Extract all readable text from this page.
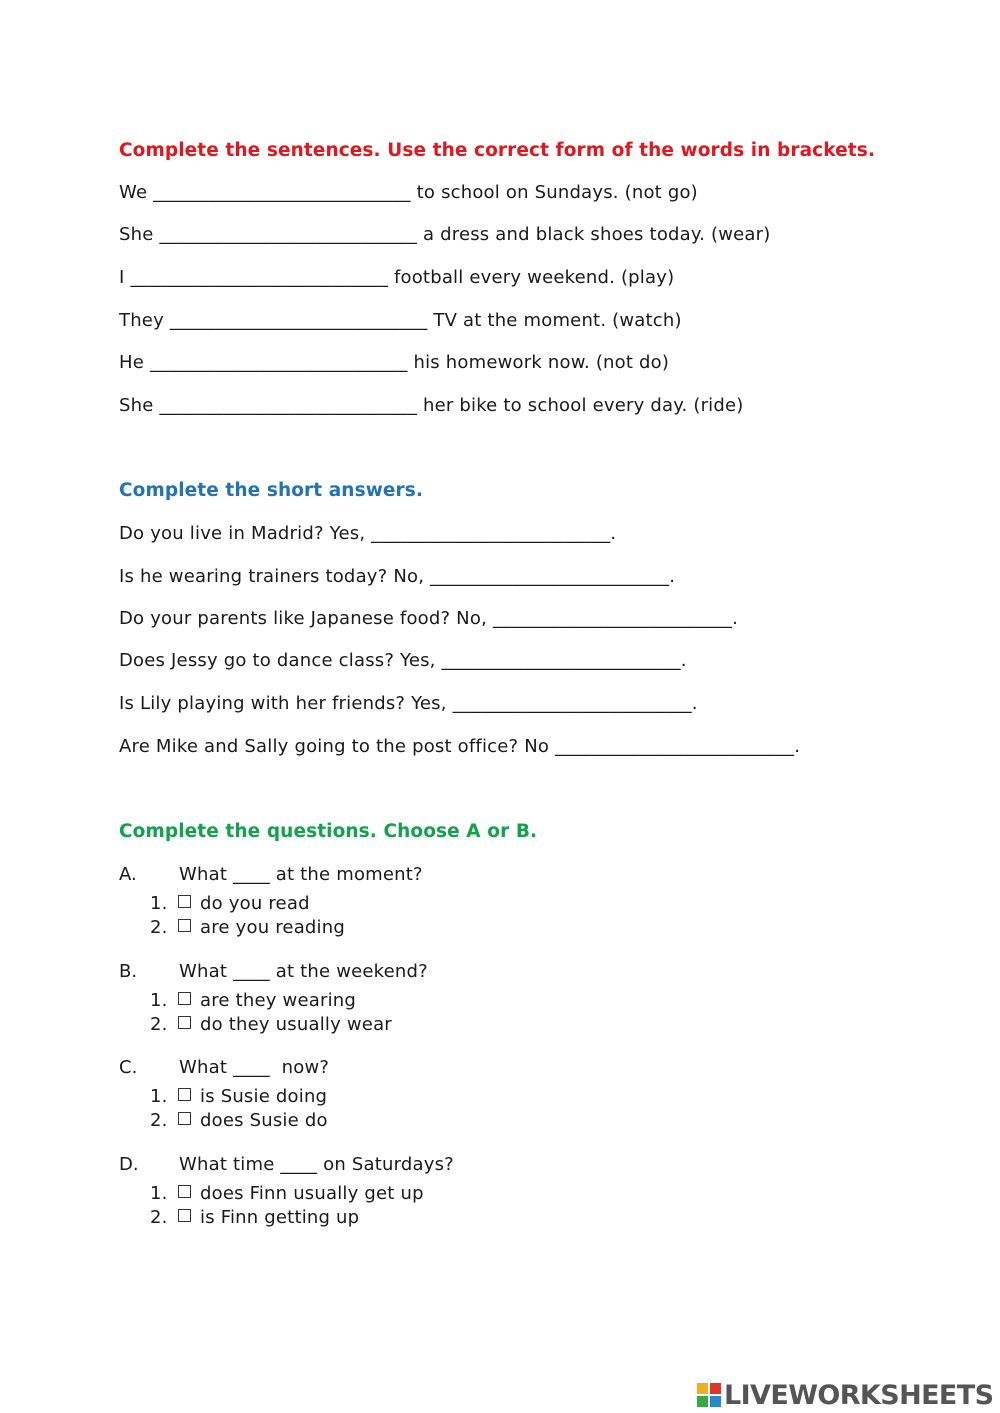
Complete the sentences. Use the correct form of the words in brackets.

We ____________________________ to school on Sundays. (not go)

She ____________________________ a dress and black shoes today. (wear)

I ____________________________ football every weekend. (play)

They ____________________________ TV at the moment. (watch)

He ____________________________ his homework now. (not do)

She ____________________________ her bike to school every day. (ride)

Complete the short answers.

Do you live in Madrid? Yes, __________________________.

Is he wearing trainers today? No, __________________________.

Do your parents like Japanese food? No, __________________________.

Does Jessy go to dance class? Yes, __________________________.

Is Lily playing with her friends? Yes, __________________________.

Are Mike and Sally going to the post office? No __________________________.

Complete the questions. Choose A or B.
A. What ____ at the moment?
1. do you read
2. are you reading
B. What ____ at the weekend?
1. are they wearing
2. do they usually wear
C. What ____  now?
1. is Susie doing
2. does Susie do
D. What time ____ on Saturdays?
1. does Finn usually get up
2. is Finn getting up
LIVEWORKSHEETS
